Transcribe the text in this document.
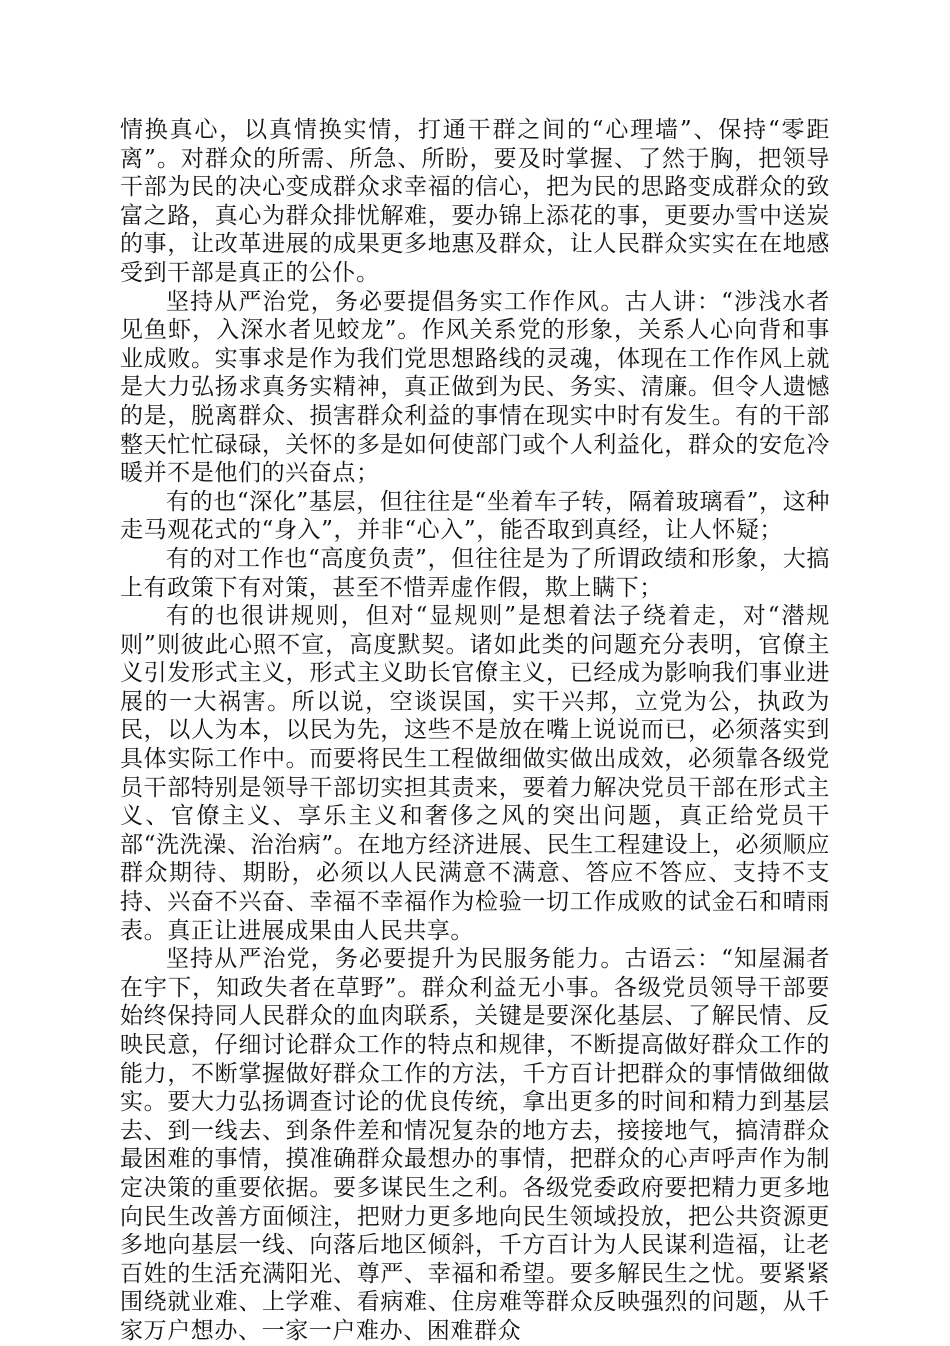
情换真心，以真情换实情，打通干群之间的“心理墙”、保持“零距离”。对群众的所需、所急、所盼，要及时掌握、了然于胸，把领导干部为民的决心变成群众求幸福的信心，把为民的思路变成群众的致富之路，真心为群众排忧解难，要办锦上添花的事，更要办雪中送炭的事，让改革进展的成果更多地惠及群众，让人民群众实实在在地感受到干部是真正的公仆。

坚持从严治党，务必要提倡务实工作作风。古人讲：“涉浅水者见鱼虾，入深水者见蛟龙”。作风关系党的形象，关系人心向背和事业成败。实事求是作为我们党思想路线的灵魂，体现在工作作风上就是大力弘扬求真务实精神，真正做到为民、务实、清廉。但令人遗憾的是，脱离群众、损害群众利益的事情在现实中时有发生。有的干部整天忙忙碌碌，关怀的多是如何使部门或个人利益化，群众的安危冷暖并不是他们的兴奋点；

有的也“深化”基层，但往往是“坐着车子转，隔着玻璃看”，这种走马观花式的“身入”，并非“心入”，能否取到真经，让人怀疑；

有的对工作也“高度负责”，但往往是为了所谓政绩和形象，大搞上有政策下有对策，甚至不惜弄虚作假，欺上瞒下；

有的也很讲规则，但对“显规则”是想着法子绕着走，对“潜规则”则彼此心照不宣，高度默契。诸如此类的问题充分表明，官僚主义引发形式主义，形式主义助长官僚主义，已经成为影响我们事业进展的一大祸害。所以说，空谈误国，实干兴邦，立党为公，执政为民，以人为本，以民为先，这些不是放在嘴上说说而已，必须落实到具体实际工作中。而要将民生工程做细做实做出成效，必须靠各级党员干部特别是领导干部切实担其责来，要着力解决党员干部在形式主义、官僚主义、享乐主义和奢侈之风的突出问题，真正给党员干部“洗洗澡、治治病”。在地方经济进展、民生工程建设上，必须顺应群众期待、期盼，必须以人民满意不满意、答应不答应、支持不支持、兴奋不兴奋、幸福不幸福作为检验一切工作成败的试金石和晴雨表。真正让进展成果由人民共享。

坚持从严治党，务必要提升为民服务能力。古语云：“知屋漏者在宇下，知政失者在草野”。群众利益无小事。各级党员领导干部要始终保持同人民群众的血肉联系，关键是要深化基层、了解民情、反映民意，仔细讨论群众工作的特点和规律，不断提高做好群众工作的能力，不断掌握做好群众工作的方法，千方百计把群众的事情做细做实。要大力弘扬调查讨论的优良传统，拿出更多的时间和精力到基层去、到一线去、到条件差和情况复杂的地方去，接接地气，搞清群众最困难的事情，摸准确群众最想办的事情，把群众的心声呼声作为制定决策的重要依据。要多谋民生之利。各级党委政府要把精力更多地向民生改善方面倾注，把财力更多地向民生领域投放，把公共资源更多地向基层一线、向落后地区倾斜，千方百计为人民谋利造福，让老百姓的生活充满阳光、尊严、幸福和希望。要多解民生之忧。要紧紧围绕就业难、上学难、看病难、住房难等群众反映强烈的问题，从千家万户想办、一家一户难办、困难群众
